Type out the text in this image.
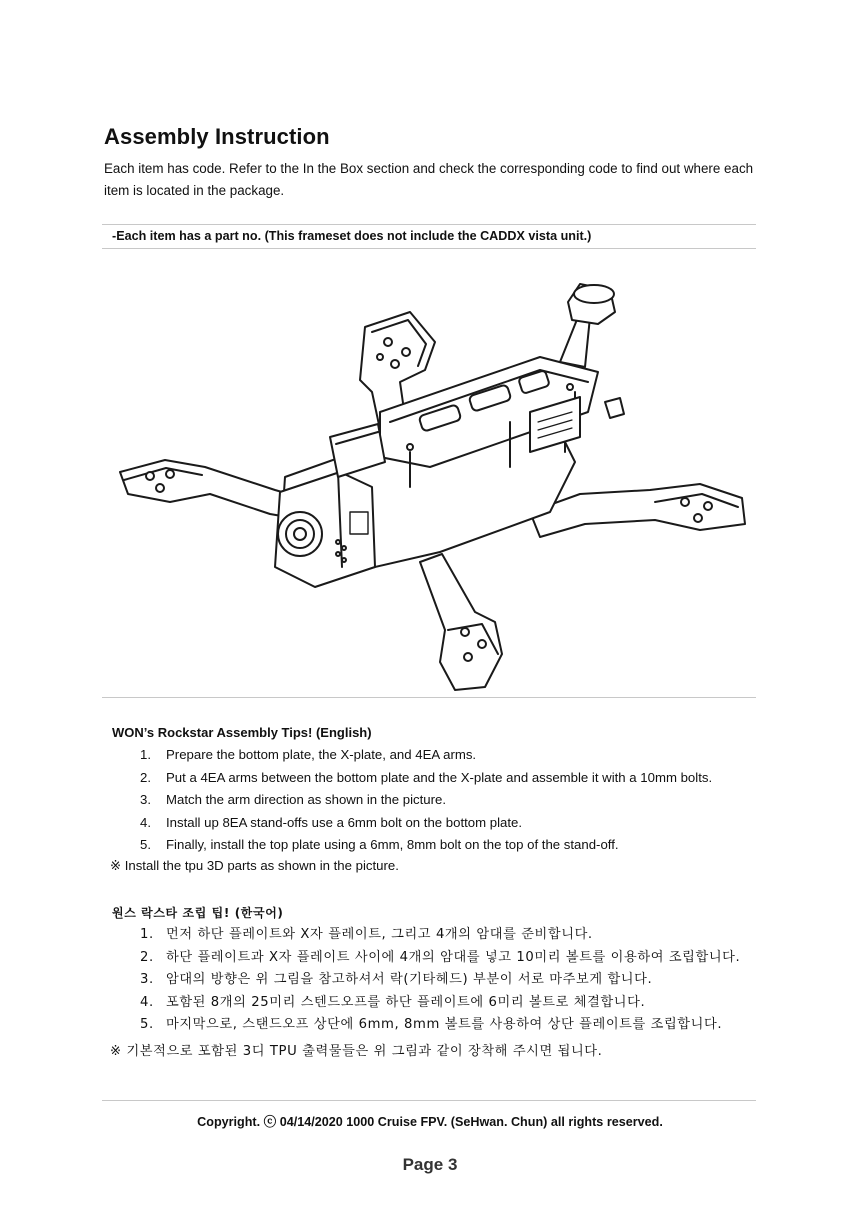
Assembly Instruction
Each item has code. Refer to the In the Box section and check the corresponding code to find out where each item is located in the package.
-Each item has a part no. (This frameset does not include the CADDX vista unit.)
WON’s Rockstar Assembly Tips! (English)
1.	Prepare the bottom plate, the X-plate, and 4EA arms.
2.	Put a 4EA arms between the bottom plate and the X-plate and assemble it with a 10mm bolts.
3.	Match the arm direction as shown in the picture.
4.	Install up 8EA stand-offs use a 6mm bolt on the bottom plate.
5.	Finally, install the top plate using a 6mm, 8mm bolt on the top of the stand-off.
※ Install the tpu 3D parts as shown in the picture.
원스 락스타 조립 팁! (한국어)
1. 먼저 하단 플레이트와 X자 플레이트, 그리고 4개의 암대를 준비합니다.
2. 하단 플레이트과 X자 플레이트 사이에 4개의 암대를 넣고 10미리 볼트를 이용하여 조립합니다.
3. 암대의 방향은 위 그림을 참고하셔서 락(기타헤드) 부분이 서로 마주보게 합니다.
4. 포함된 8개의 25미리 스텐드오프를 하단 플레이트에 6미리 볼트로 체결합니다.
5. 마지막으로, 스탠드오프 상단에 6mm, 8mm 볼트를 사용하여 상단 플레이트를 조립합니다.
※ 기본적으로 포함된 3디 TPU 출력물들은 위 그림과 같이 장착해 주시면 됩니다.
Copyright. ⓒ 04/14/2020 1000 Cruise FPV. (SeHwan. Chun) all rights reserved.
Page 3
